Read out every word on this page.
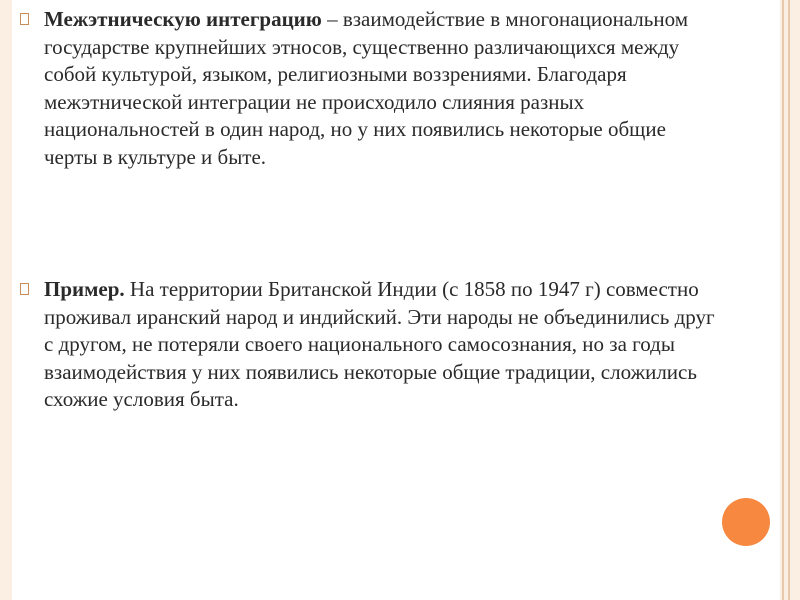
Межэтническую интеграцию – взаимодействие в многонациональном государстве крупнейших этносов, существенно различающихся между собой культурой, языком, религиозными воззрениями. Благодаря межэтнической интеграции не происходило слияния разных национальностей в один народ, но у них появились некоторые общие черты в культуре и быте.

Пример. На территории Британской Индии (с 1858 по 1947 г) совместно проживал иранский народ и индийский. Эти народы не объединились друг с другом, не потеряли своего национального самосознания, но за годы взаимодействия у них появились некоторые общие традиции, сложились схожие условия быта.
